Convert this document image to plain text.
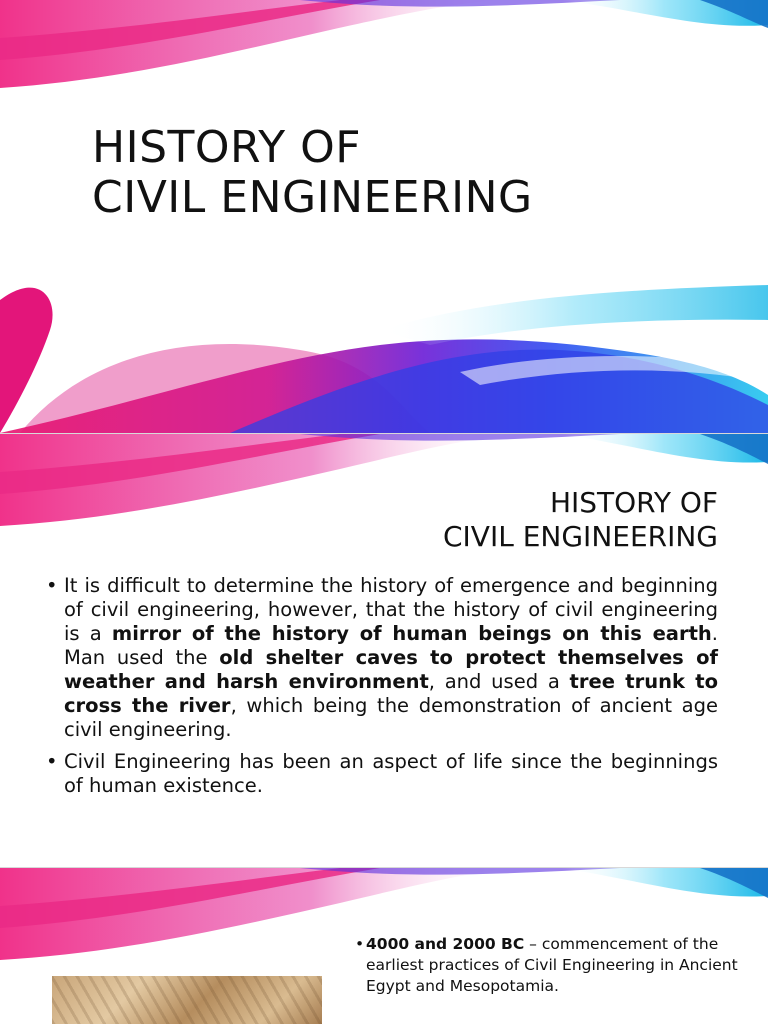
HISTORY OF
CIVIL ENGINEERING
HISTORY OF
CIVIL ENGINEERING
• It is difficult to determine the history of emergence and beginning of civil engineering, however, that the history of civil engineering is a mirror of the history of human beings on this earth. Man used the old shelter caves to protect themselves of weather and harsh environment, and used a tree trunk to cross the river, which being the demonstration of ancient age civil engineering.
• Civil Engineering has been an aspect of life since the beginnings of human existence.
• 4000 and 2000 BC – commencement of the earliest practices of Civil Engineering in Ancient Egypt and Mesopotamia.
